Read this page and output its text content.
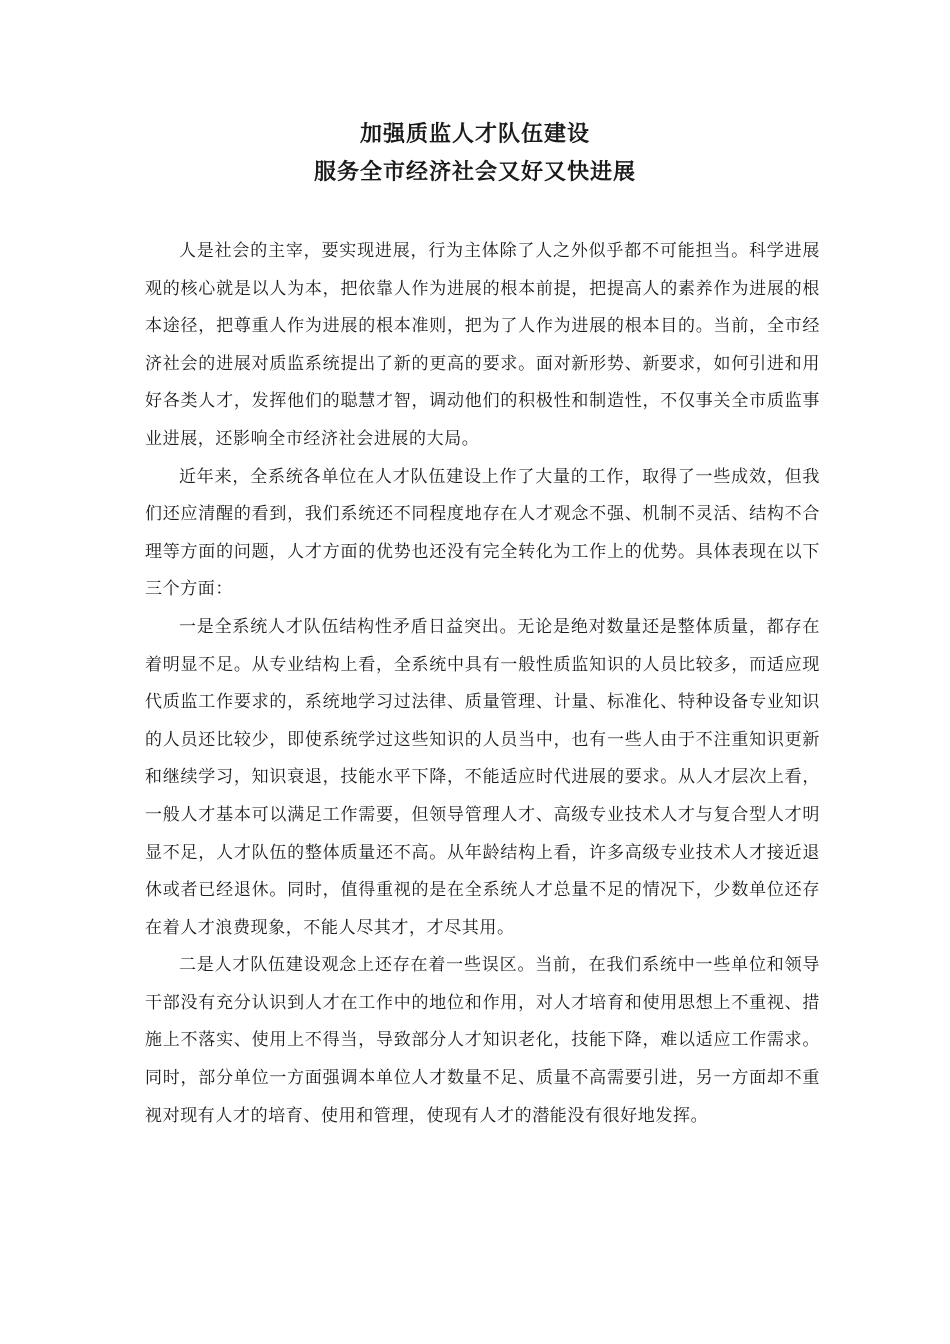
加强质监人才队伍建设
服务全市经济社会又好又快进展

人是社会的主宰，要实现进展，行为主体除了人之外似乎都不可能担当。科学进展观的核心就是以人为本，把依靠人作为进展的根本前提，把提高人的素养作为进展的根本途径，把尊重人作为进展的根本准则，把为了人作为进展的根本目的。当前，全市经济社会的进展对质监系统提出了新的更高的要求。面对新形势、新要求，如何引进和用好各类人才，发挥他们的聪慧才智，调动他们的积极性和制造性，不仅事关全市质监事业进展，还影响全市经济社会进展的大局。

近年来，全系统各单位在人才队伍建设上作了大量的工作，取得了一些成效，但我们还应清醒的看到，我们系统还不同程度地存在人才观念不强、机制不灵活、结构不合理等方面的问题，人才方面的优势也还没有完全转化为工作上的优势。具体表现在以下三个方面：

一是全系统人才队伍结构性矛盾日益突出。无论是绝对数量还是整体质量，都存在着明显不足。从专业结构上看，全系统中具有一般性质监知识的人员比较多，而适应现代质监工作要求的，系统地学习过法律、质量管理、计量、标准化、特种设备专业知识的人员还比较少，即使系统学过这些知识的人员当中，也有一些人由于不注重知识更新和继续学习，知识衰退，技能水平下降，不能适应时代进展的要求。从人才层次上看，一般人才基本可以满足工作需要，但领导管理人才、高级专业技术人才与复合型人才明显不足，人才队伍的整体质量还不高。从年龄结构上看，许多高级专业技术人才接近退休或者已经退休。同时，值得重视的是在全系统人才总量不足的情况下，少数单位还存在着人才浪费现象，不能人尽其才，才尽其用。

二是人才队伍建设观念上还存在着一些误区。当前，在我们系统中一些单位和领导干部没有充分认识到人才在工作中的地位和作用，对人才培育和使用思想上不重视、措施上不落实、使用上不得当，导致部分人才知识老化，技能下降，难以适应工作需求。同时，部分单位一方面强调本单位人才数量不足、质量不高需要引进，另一方面却不重视对现有人才的培育、使用和管理，使现有人才的潜能没有很好地发挥。
